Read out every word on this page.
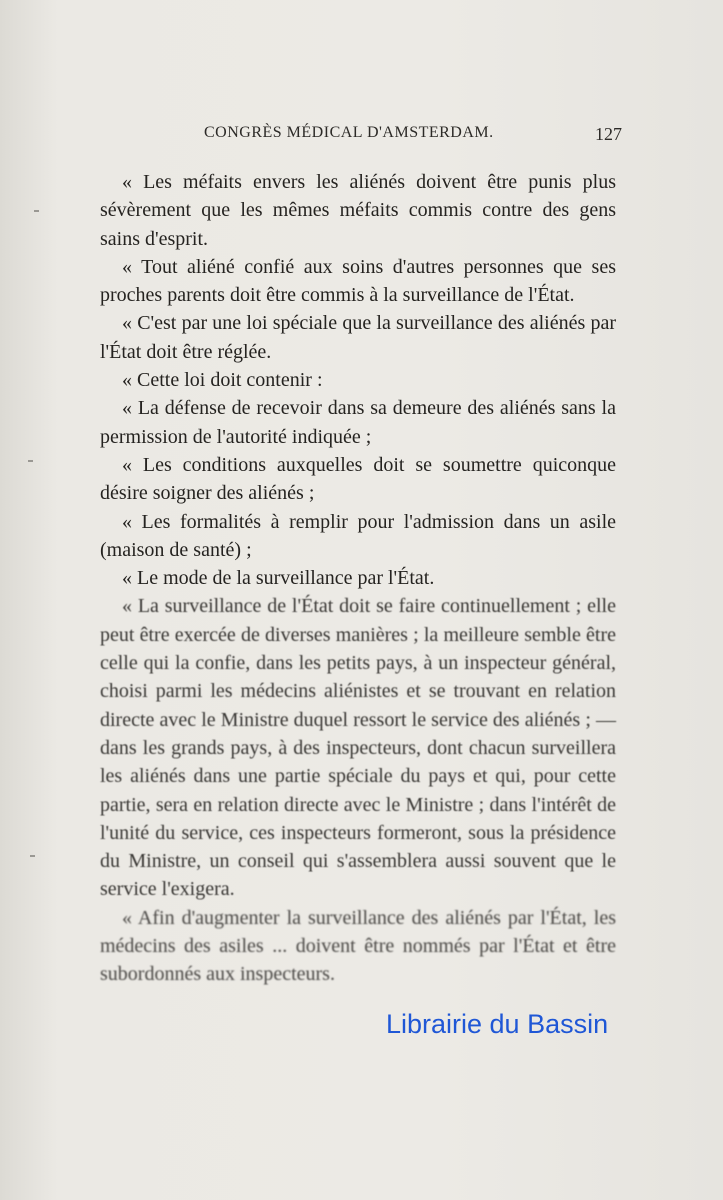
CONGRÈS MÉDICAL D'AMSTERDAM.	127

« Les méfaits envers les aliénés doivent être punis plus sévèrement que les mêmes méfaits commis contre des gens sains d'esprit.

« Tout aliéné confié aux soins d'autres personnes que ses proches parents doit être commis à la surveillance de l'État.

« C'est par une loi spéciale que la surveillance des aliénés par l'État doit être réglée.

« Cette loi doit contenir :

« La défense de recevoir dans sa demeure des aliénés sans la permission de l'autorité indiquée ;

« Les conditions auxquelles doit se soumettre quiconque désire soigner des aliénés ;

« Les formalités à remplir pour l'admission dans un asile (maison de santé) ;

« Le mode de la surveillance par l'État.

« La surveillance de l'État doit se faire continuellement ; elle peut être exercée de diverses manières ; la meilleure semble être celle qui la confie, dans les petits pays, à un inspecteur général, choisi parmi les médecins aliénistes et se trouvant en relation directe avec le Ministre duquel ressort le service des aliénés ; — dans les grands pays, à des inspecteurs, dont chacun surveillera les aliénés dans une partie spéciale du pays et qui, pour cette partie, sera en relation directe avec le Ministre ; dans l'intérêt de l'unité du service, ces inspecteurs formeront, sous la présidence du Ministre, un conseil qui s'assemblera aussi souvent que le service l'exigera.

« Afin d'augmenter la surveillance des aliénés par l'État, les médecins des asiles ... doivent être nommés par l'État et être subordonnés aux inspecteurs.

Librairie du Bassin
